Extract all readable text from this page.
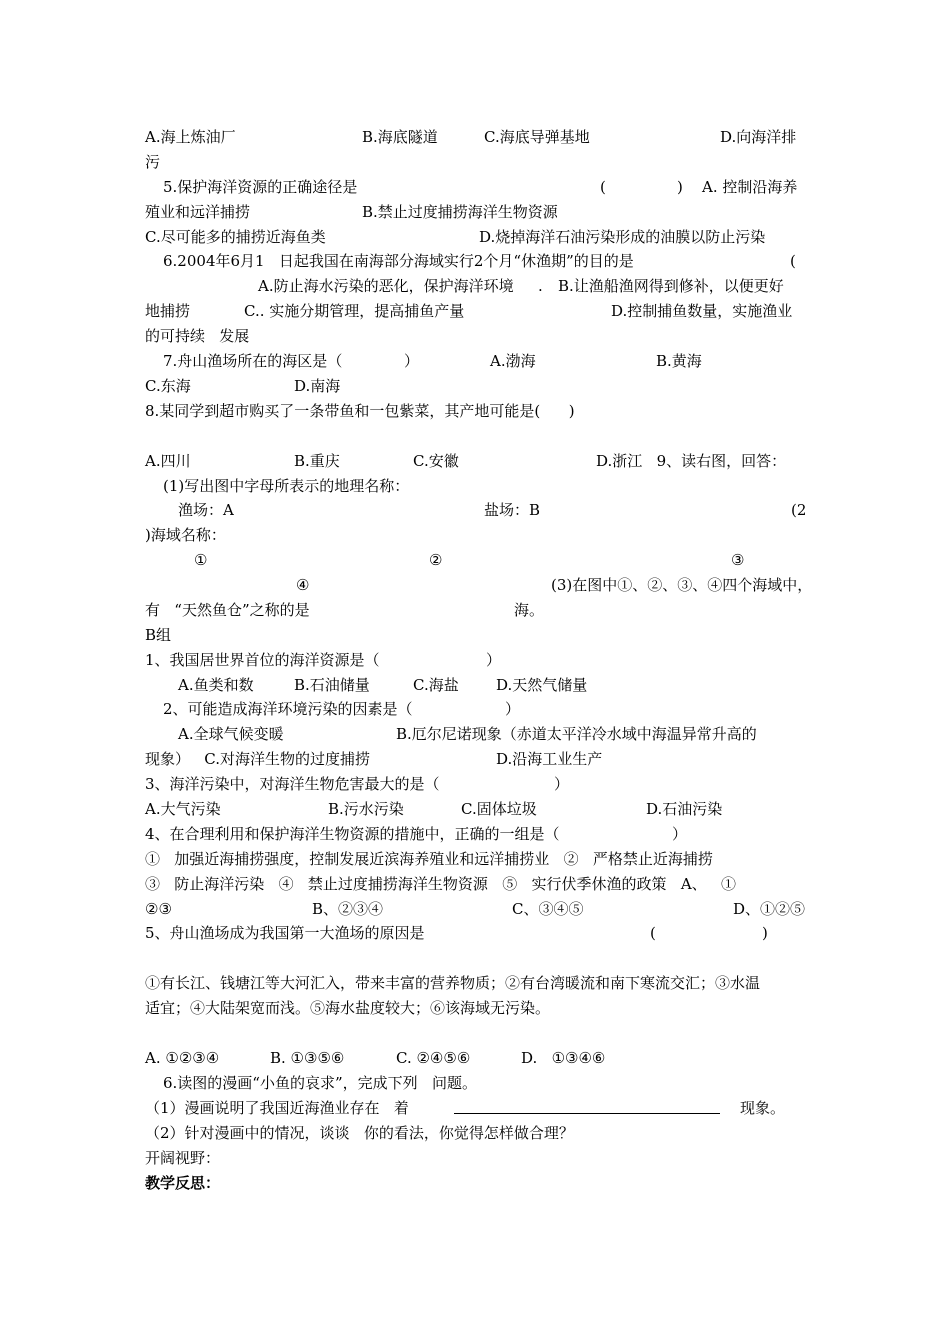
A.海上炼油厂	B.海底隧道	C.海底导弹基地	D.向海洋排
污
5.保护海洋资源的正确途径是	(	) A. 控制沿海养
殖业和远洋捕捞	B.禁止过度捕捞海洋生物资源
C.尽可能多的捕捞近海鱼类	D.烧掉海洋石油污染形成的油膜以防止污染
6.2004年6月1   日起我国在南海部分海域实行2个月“休渔期”的目的是	(
A.防止海水污染的恶化，保护海洋环境 . B.让渔船渔网得到修补，以便更好
地捕捞	C.. 实施分期管理，提高捕鱼产量	D.控制捕鱼数量，实施渔业
的可持续   发展
7.舟山渔场所在的海区是（	）	A.渤海	B.黄海
C.东海	D.南海
8.某同学到超市购买了一条带鱼和一包紫菜，其产地可能是(      )
A.四川	B.重庆	C.安徽	D.浙江   9、读右图，回答：
(1)写出图中字母所表示的地理名称：
渔场：A	盐场：B	(2
)海域名称：
①	②	③
④	(3)在图中①、②、③、④四个海域中，
有   “天然鱼仓”之称的是	海。
B组
1、我国居世界首位的海洋资源是（	）
A.鱼类和数	B.石油储量	C.海盐 D.天然气储量
2、可能造成海洋环境污染的因素是（	）
A.全球气候变暖	B.厄尔尼诺现象（赤道太平洋冷水域中海温异常升高的
现象）   C.对海洋生物的过度捕捞	D.沿海工业生产
3、海洋污染中，对海洋生物危害最大的是（	）
A.大气污染	B.污水污染	C.固体垃圾	D.石油污染
4、在合理利用和保护海洋生物资源的措施中，正确的一组是（	）
①   加强近海捕捞强度，控制发展近滨海养殖业和远洋捕捞业   ②   严格禁止近海捕捞
③   防止海洋污染   ④   禁止过度捕捞海洋生物资源   ⑤   实行伏季休渔的政策   A、   ①
②③	B、②③④	C、③④⑤	D、①②⑤
5、舟山渔场成为我国第一大渔场的原因是	(	)
①有长江、钱塘江等大河汇入，带来丰富的营养物质；②有台湾暖流和南下寒流交汇；③水温
适宜；④大陆架宽而浅。⑤海水盐度较大；⑥该海域无污染。
A. ①②③④	B. ①③⑤⑥	C. ②④⑤⑥	D.   ①③④⑥
6.读图的漫画“小鱼的哀求”，完成下列   问题。
（1）漫画说明了我国近海渔业存在   着	现象。
（2）针对漫画中的情况，谈谈   你的看法，你觉得怎样做合理？
开阔视野：
教学反思：
